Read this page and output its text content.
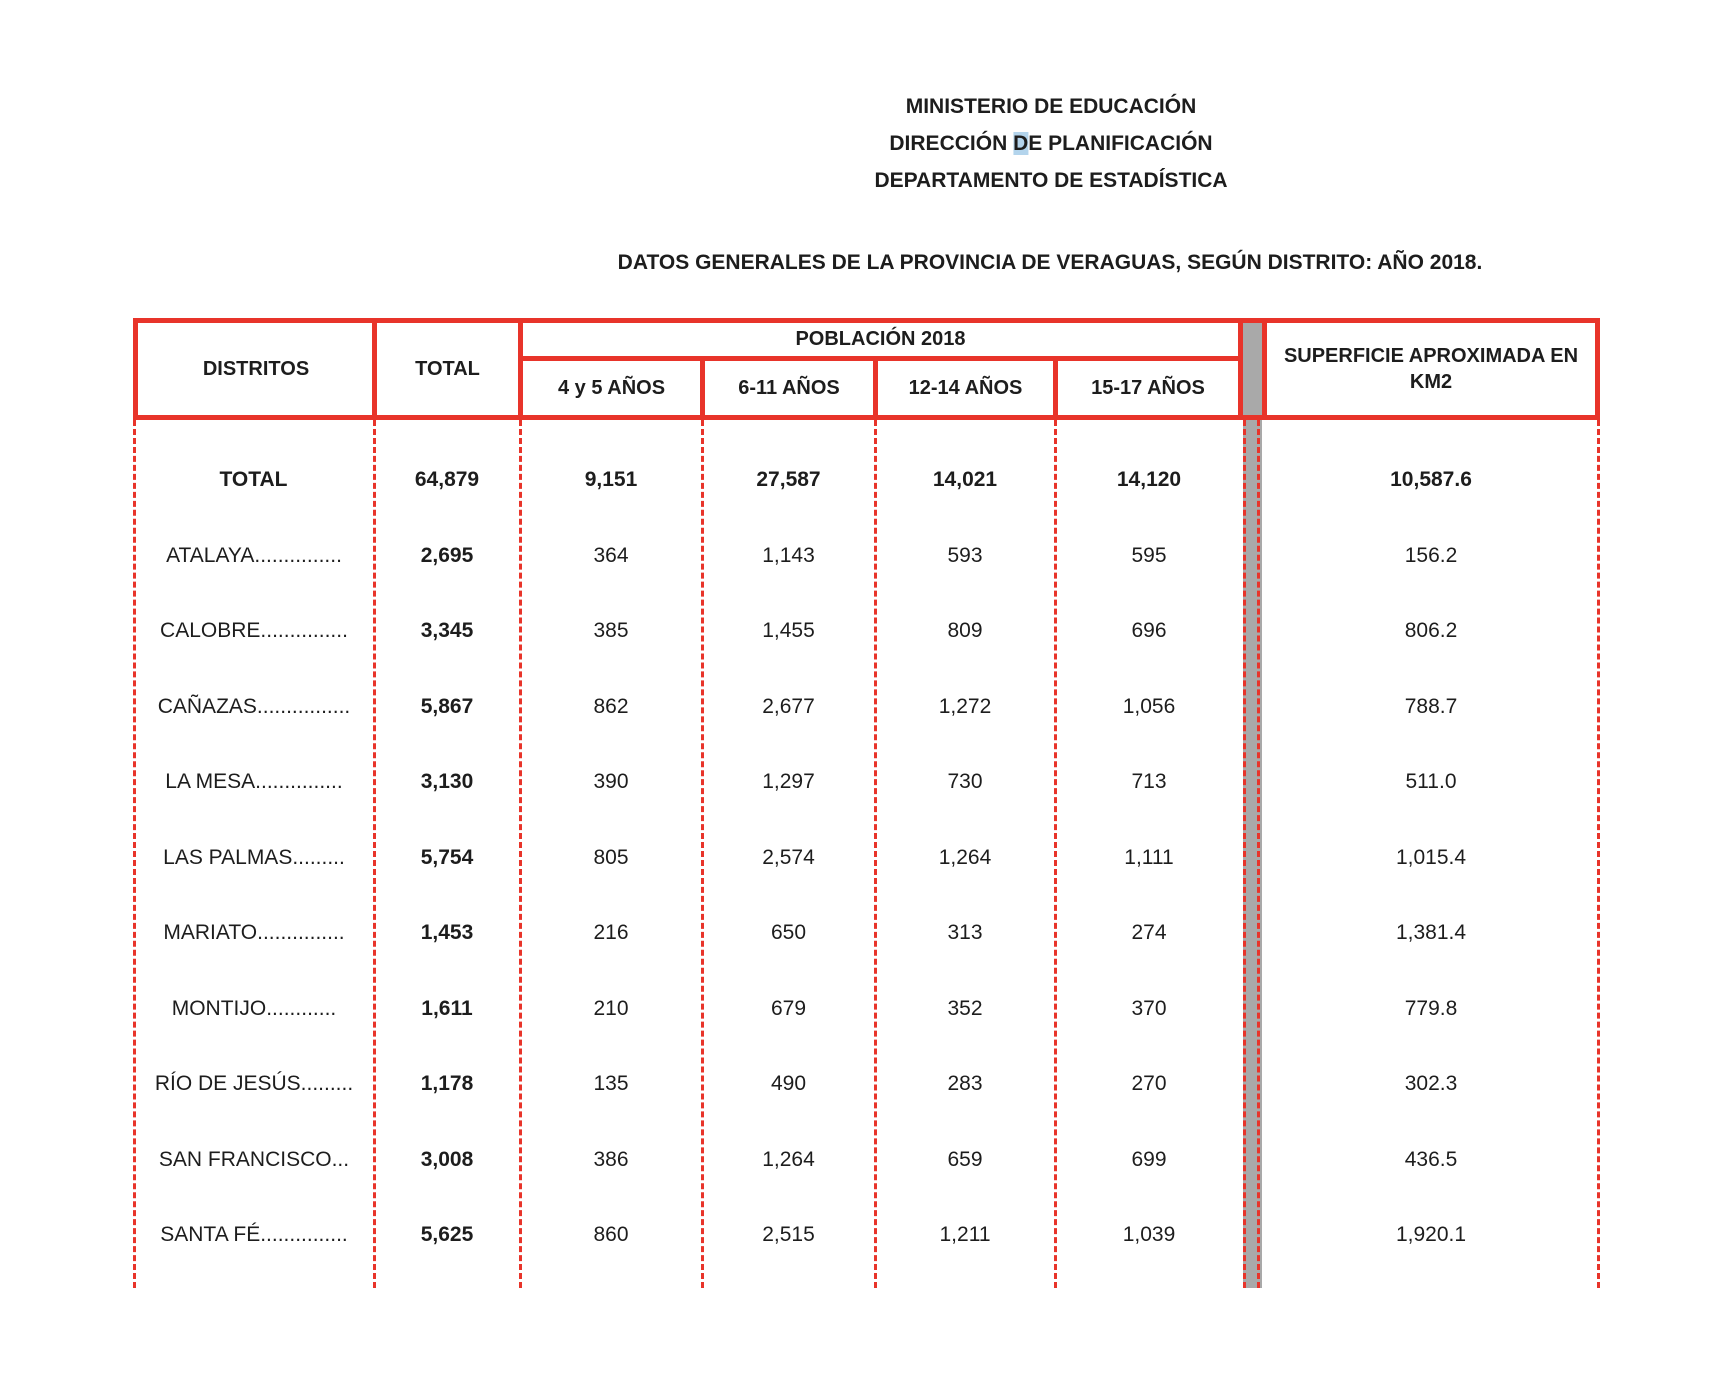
MINISTERIO DE EDUCACIÓN
DIRECCIÓN DE PLANIFICACIÓN
DEPARTAMENTO DE ESTADÍSTICA
DATOS GENERALES DE LA PROVINCIA DE VERAGUAS, SEGÚN DISTRITO: AÑO 2018.
DISTRITOS	TOTAL
POBLACIÓN 2018
4 y 5 AÑOS	6-11 AÑOS	12-14 AÑOS	15-17 AÑOS
SUPERFICIE APROXIMADA EN KM2
TOTAL	64,879	9,151	27,587	14,021	14,120	10,587.6
ATALAYA...............	2,695	364	1,143	593	595	156.2
CALOBRE...............	3,345	385	1,455	809	696	806.2
CAÑAZAS................	5,867	862	2,677	1,272	1,056	788.7
LA MESA...............	3,130	390	1,297	730	713	511.0
LAS PALMAS.........	5,754	805	2,574	1,264	1,111	1,015.4
MARIATO...............	1,453	216	650	313	274	1,381.4
MONTIJO............	1,611	210	679	352	370	779.8
RÍO DE JESÚS.........	1,178	135	490	283	270	302.3
SAN FRANCISCO...	3,008	386	1,264	659	699	436.5
SANTA FÉ...............	5,625	860	2,515	1,211	1,039	1,920.1
